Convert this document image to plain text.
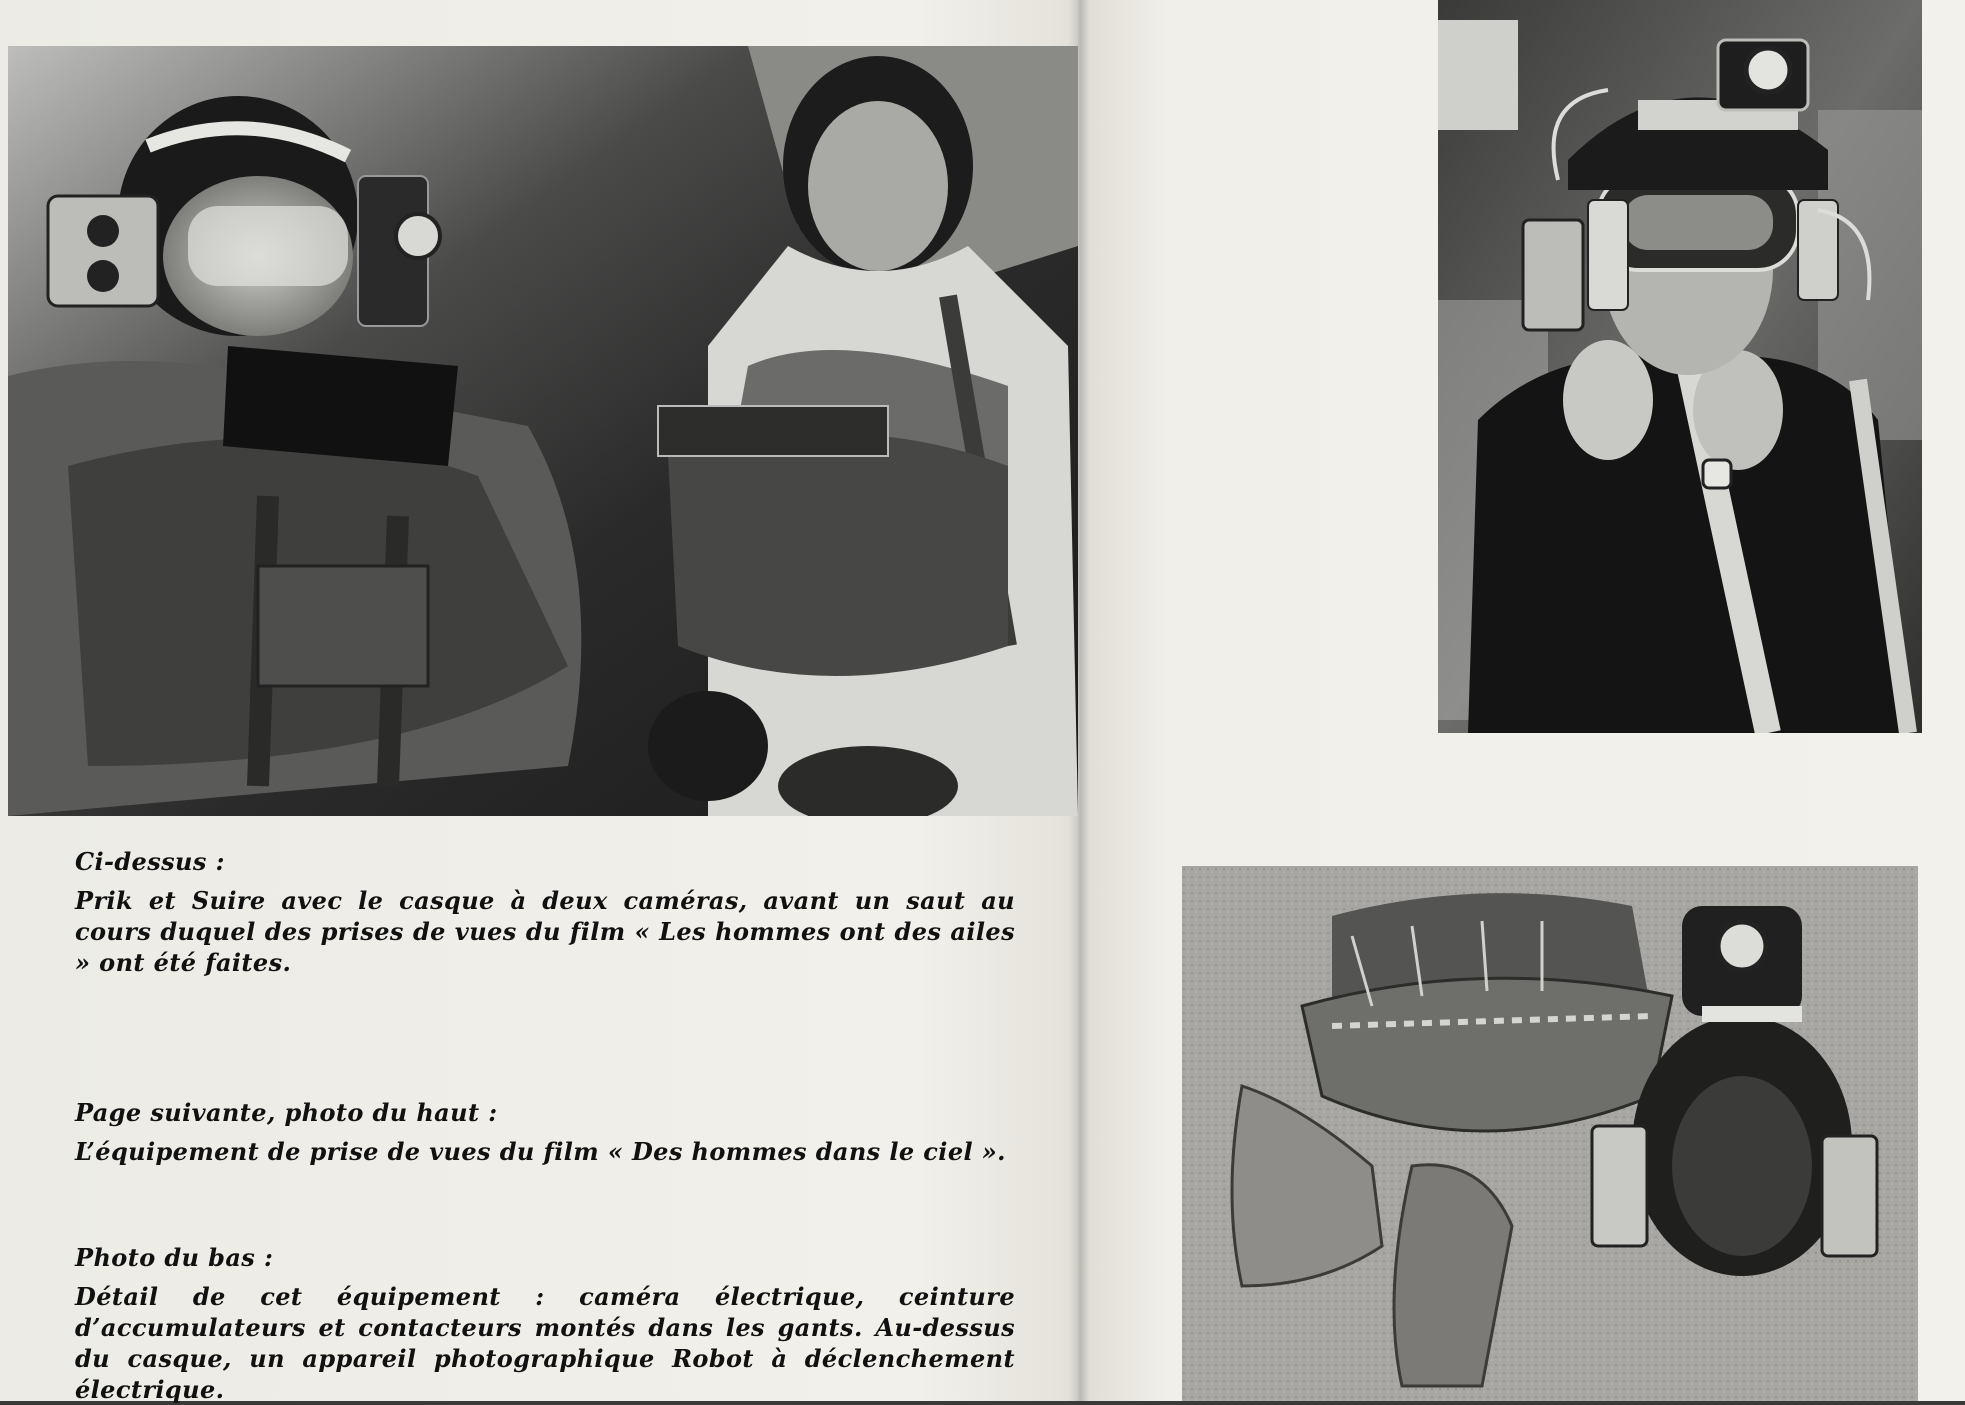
Ci-dessus :

Prik et Suire avec le casque à deux caméras, avant un saut au cours duquel des prises de vues du film « Les hommes ont des ailes » ont été faites.

Page suivante, photo du haut :

L’équipement de prise de vues du film « Des hommes dans le ciel ».

Photo du bas :

Détail de cet équipement : caméra électrique, ceinture d’accumulateurs et contacteurs montés dans les gants. Au-dessus du casque, un appareil photographique Robot à déclenchement électrique.
